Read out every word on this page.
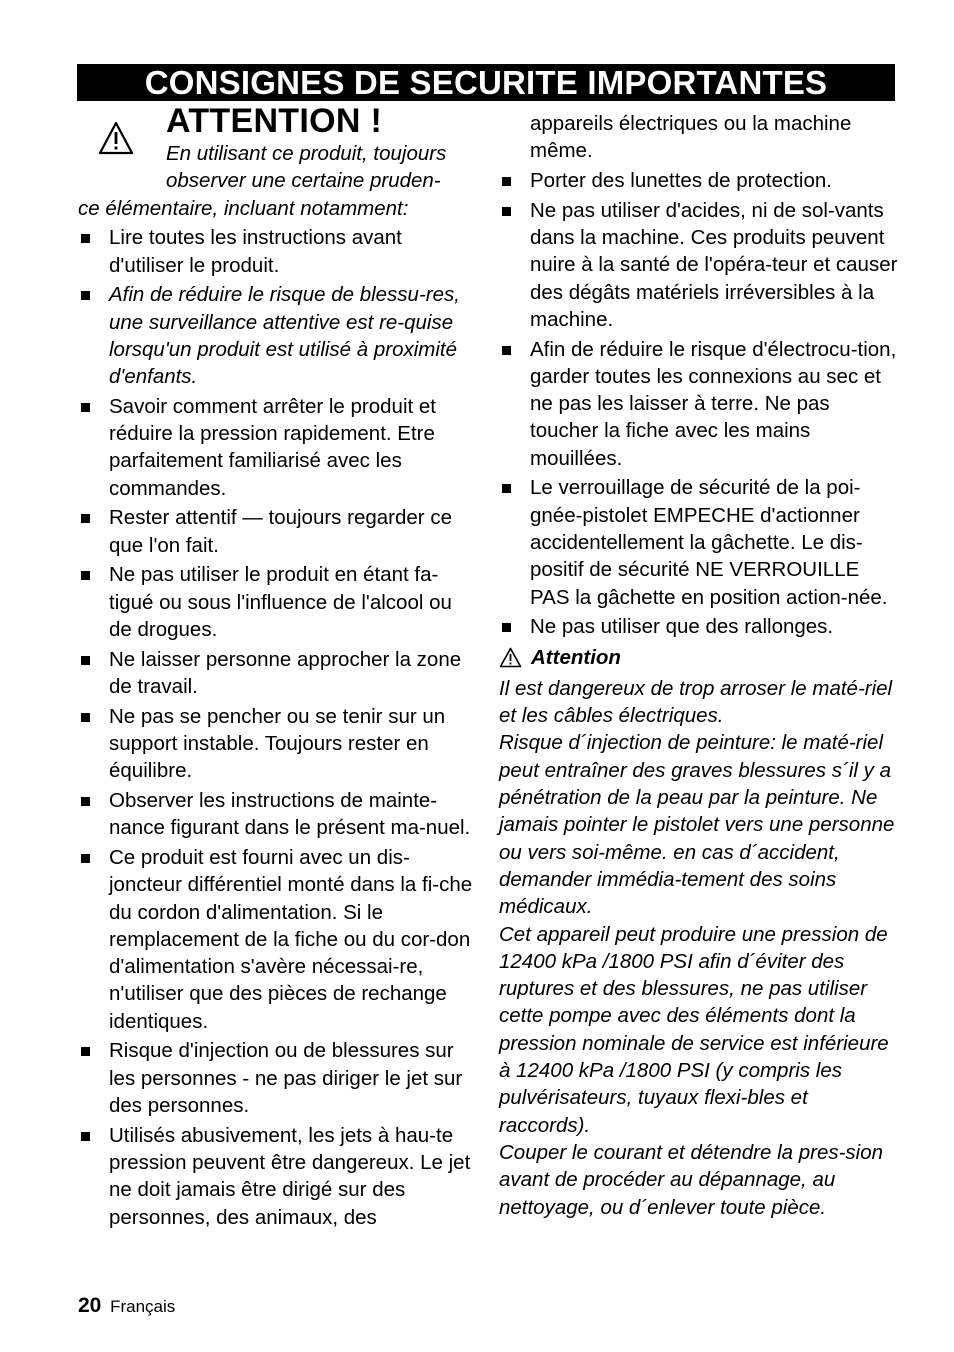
CONSIGNES DE SECURITE IMPORTANTES
ATTENTION !
En utilisant ce produit, toujours observer une certaine pruden-
ce élémentaire, incluant notamment:
Lire toutes les instructions avant d'utiliser le produit.
Afin de réduire le risque de blessu-res, une surveillance attentive est re-quise lorsqu'un produit est utilisé à proximité d'enfants.
Savoir comment arrêter le produit et réduire la pression rapidement. Etre parfaitement familiarisé avec les commandes.
Rester attentif — toujours regarder ce que l'on fait.
Ne pas utiliser le produit en étant fa-tigué ou sous l'influence de l'alcool ou de drogues.
Ne laisser personne approcher la zone de travail.
Ne pas se pencher ou se tenir sur un support instable. Toujours rester en équilibre.
Observer les instructions de mainte-nance figurant dans le présent ma-nuel.
Ce produit est fourni avec un dis-joncteur différentiel monté dans la fi-che du cordon d'alimentation. Si le remplacement de la fiche ou du cor-don d'alimentation s'avère nécessai-re, n'utiliser que des pièces de rechange identiques.
Risque d'injection ou de blessures sur les personnes - ne pas diriger le jet sur des personnes.
Utilisés abusivement, les jets à hau-te pression peuvent être dangereux. Le jet ne doit jamais être dirigé sur des personnes, des animaux, des
appareils électriques ou la machine même.
Porter des lunettes de protection.
Ne pas utiliser d'acides, ni de sol-vants dans la machine. Ces produits peuvent nuire à la santé de l'opéra-teur et causer des dégâts matériels irréversibles à la machine.
Afin de réduire le risque d'électrocu-tion, garder toutes les connexions au sec et ne pas les laisser à terre. Ne pas toucher la fiche avec les mains mouillées.
Le verrouillage de sécurité de la poi-gnée-pistolet EMPECHE d'actionner accidentellement la gâchette. Le dis-positif de sécurité NE VERROUILLE PAS la gâchette en position action-née.
Ne pas utiliser que des rallonges.
Attention
Il est dangereux de trop arroser le maté-riel et les câbles électriques.
Risque d´injection de peinture: le maté-riel peut entraîner des graves blessures s´il y a pénétration de la peau par la peinture. Ne jamais pointer le pistolet vers une personne ou vers soi-même. en cas d´accident, demander immédia-tement des soins médicaux.
Cet appareil peut produire une pression de 12400 kPa /1800 PSI afin d´éviter des ruptures et des blessures, ne pas utiliser cette pompe avec des éléments dont la pression nominale de service est inférieure à 12400 kPa /1800 PSI (y compris les pulvérisateurs, tuyaux flexi-bles et raccords).
Couper le courant et détendre la pres-sion avant de procéder au dépannage, au nettoyage, ou d´enlever toute pièce.
20 Français
